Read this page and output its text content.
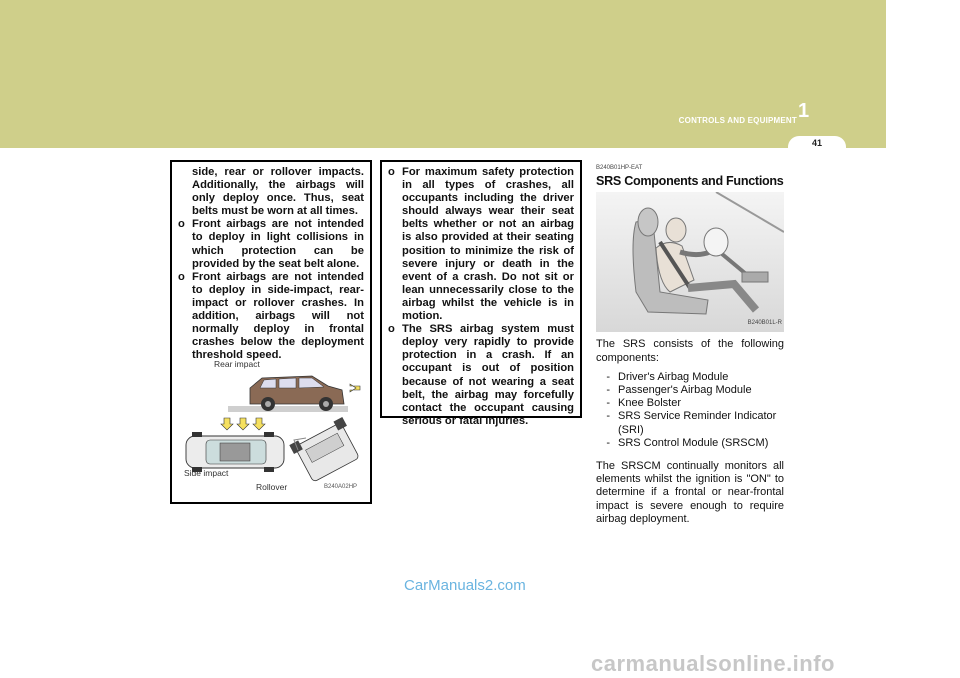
CONTROLS AND EQUIPMENT 1
41

side, rear or rollover impacts. Additionally, the airbags will only deploy once. Thus, seat belts must be worn at all times.

o Front airbags are not intended to deploy in light collisions in which protection can be provided by the seat belt alone.
o Front airbags are not intended to deploy in side-impact, rear-impact or rollover crashes. In addition, airbags will not normally deploy in frontal crashes below the deployment threshold speed.
Rear impact
Side impact
Rollover	B240A02HP
o For maximum safety protection in all types of crashes, all occupants including the driver should always wear their seat belts whether or not an airbag is also provided at their seating position to minimize the risk of severe injury or death in the event of a crash. Do not sit or lean unnecessarily close to the airbag whilst the vehicle is in motion.
o The SRS airbag system must deploy very rapidly to provide protection in a crash. If an occupant is out of position because of not wearing a seat belt, the airbag may forcefully contact the occupant causing serious or fatal injuries.
B240B01HP-EAT
SRS Components and Functions
B240B01L-R
The SRS consists of the following components:
- Driver's Airbag Module
- Passenger's Airbag Module
- Knee Bolster
- SRS Service Reminder Indicator (SRI)
- SRS Control Module (SRSCM)
The SRSCM continually monitors all elements whilst the ignition is "ON" to determine if a frontal or near-frontal impact is severe enough to require airbag deployment.
CarManuals2.com
carmanualsonline.info
